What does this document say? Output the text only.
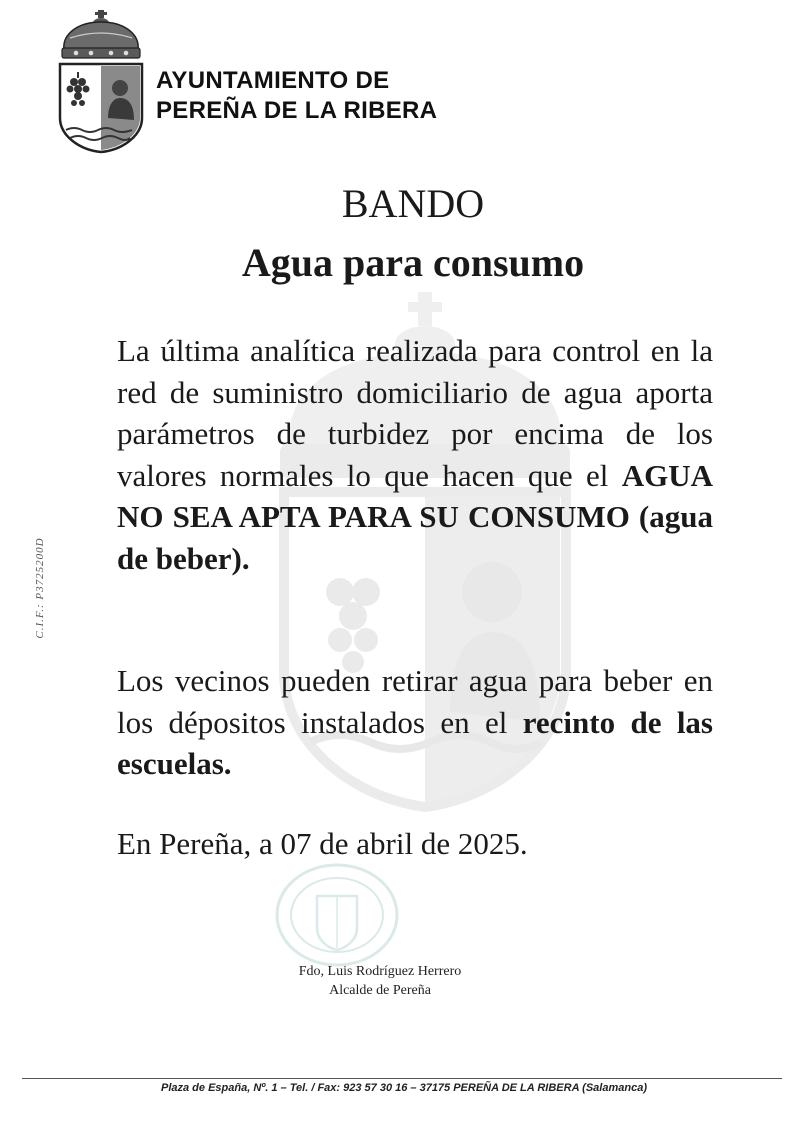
AYUNTAMIENTO DE
PEREÑA DE LA RIBERA
C.I.F.: P3725200D
BANDO
Agua para consumo
La última analítica realizada para control en la red de suministro domiciliario de agua aporta parámetros de turbidez por encima de los valores normales lo que hacen que el AGUA NO SEA APTA PARA SU CONSUMO (agua de beber).
Los vecinos pueden retirar agua para beber en los dépositos instalados en el recinto de las escuelas.
En Pereña, a 07 de abril de 2025.
Fdo, Luis Rodríguez Herrero
Alcalde de Pereña
Plaza de España, Nº. 1 – Tel. / Fax: 923 57 30 16 – 37175 PEREÑA DE LA RIBERA (Salamanca)
